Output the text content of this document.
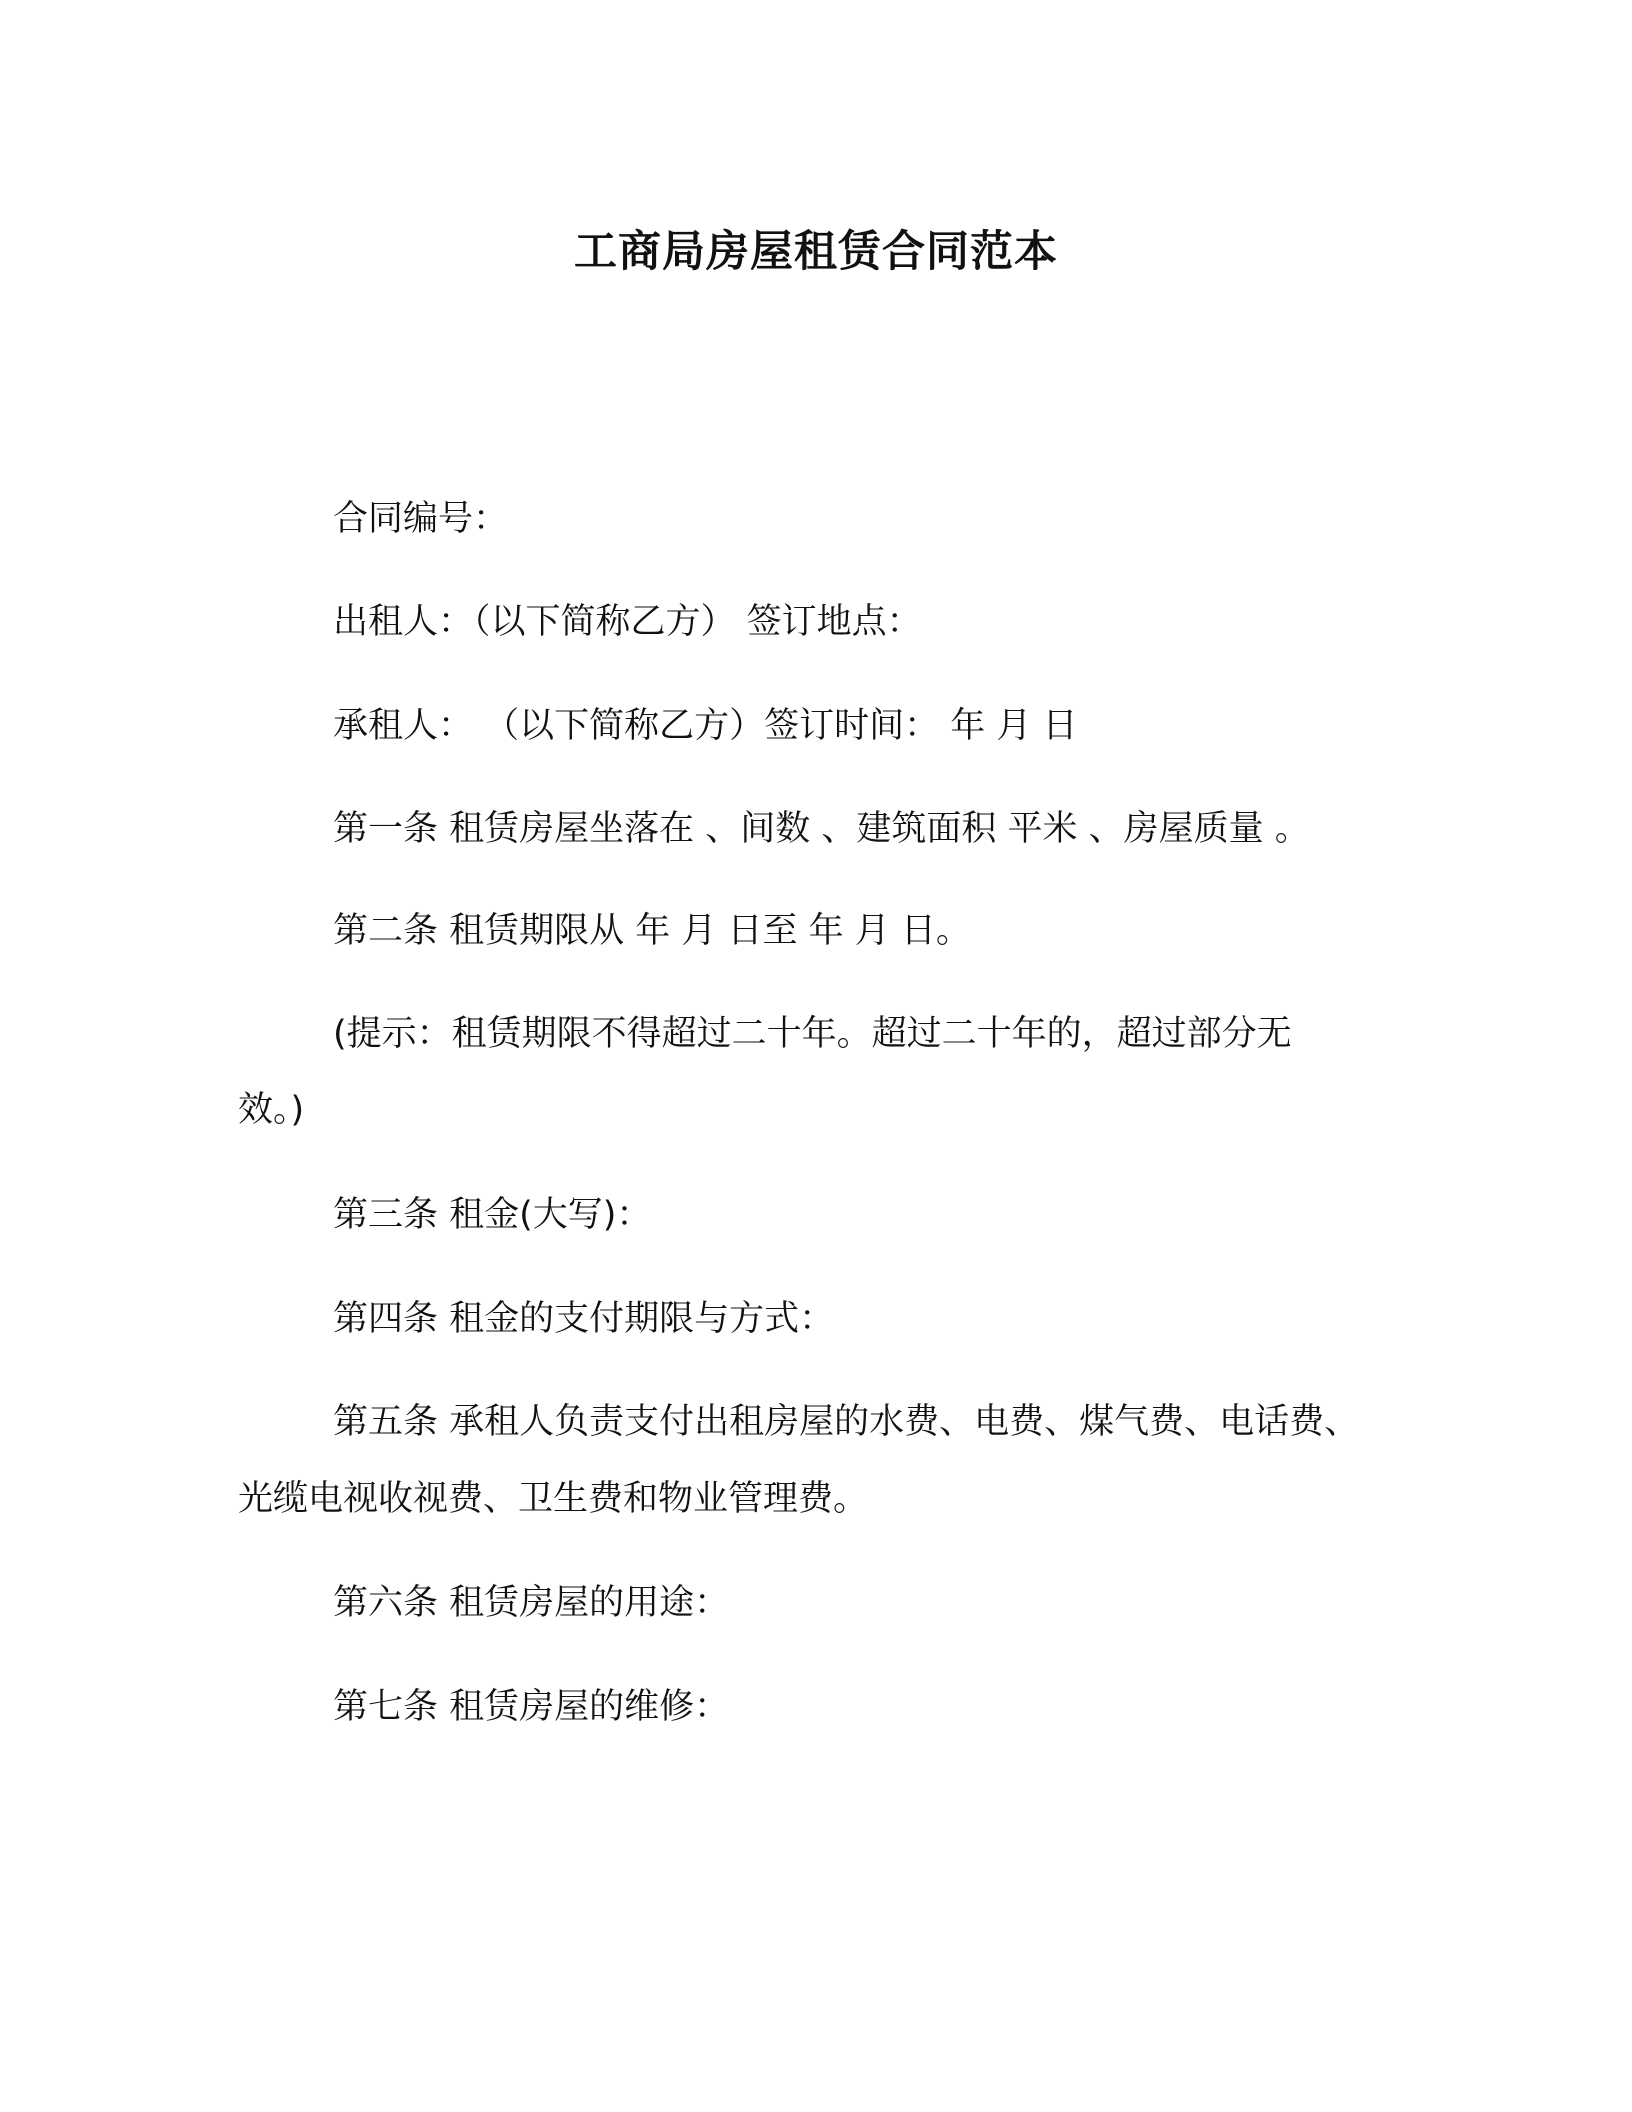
工商局房屋租赁合同范本
合同编号：
出租人：（以下简称乙方） 签订地点：
承租人： （以下简称乙方）签订时间： 年 月 日
第一条 租赁房屋坐落在 、间数 、建筑面积 平米 、房屋质量 。
第二条 租赁期限从 年 月 日至 年 月 日。
(提示：租赁期限不得超过二十年。超过二十年的，超过部分无
效。)
第三条 租金(大写)：
第四条 租金的支付期限与方式：
第五条 承租人负责支付出租房屋的水费、电费、煤气费、电话费、
光缆电视收视费、卫生费和物业管理费。
第六条 租赁房屋的用途：
第七条 租赁房屋的维修：
